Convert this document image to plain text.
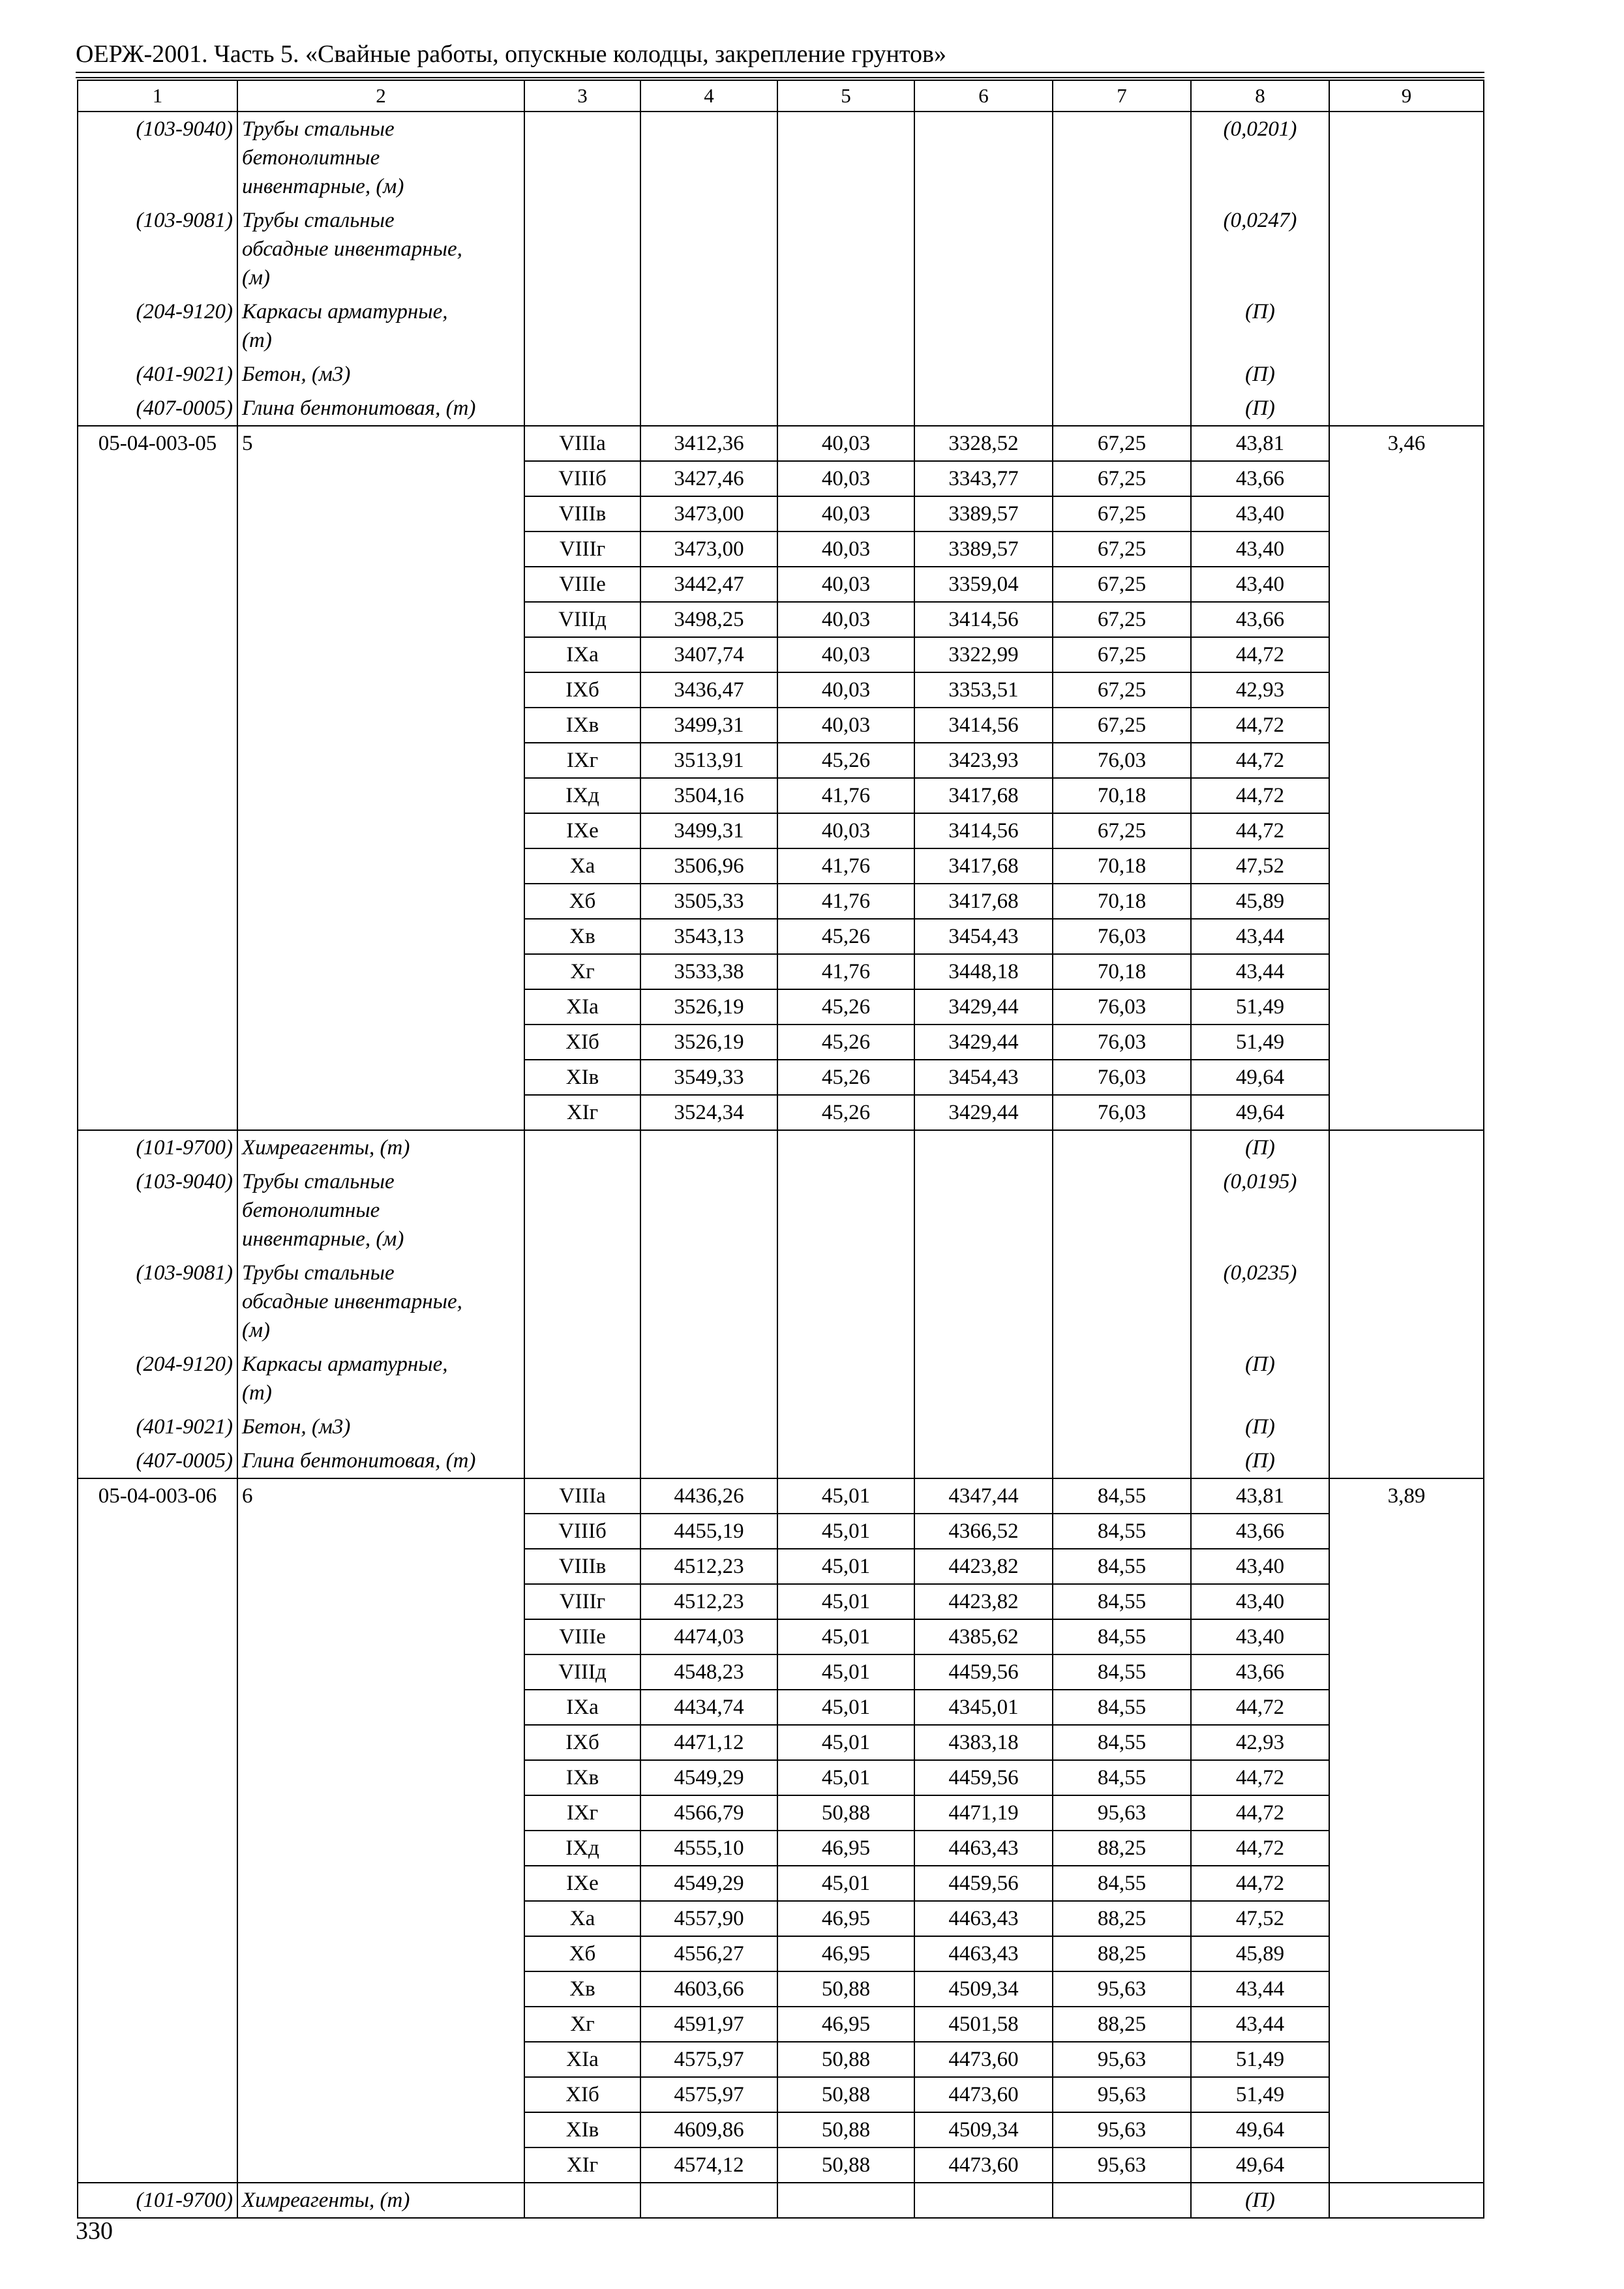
ОЕРЖ-2001. Часть 5. «Свайные работы, опускные колодцы, закрепление грунтов»
1	2	3	4	5	6	7	8	9
(103-9040)	Трубы стальные
бетонолитные
инвентарные, (м)						(0,0201)	
(103-9081)	Трубы стальные
обсадные инвентарные,
(м)						(0,0247)	
(204-9120)	Каркасы арматурные,
(т)						(П)	
(401-9021)	Бетон, (м3)						(П)	
(407-0005)	Глина бентонитовая, (т)						(П)	
05-04-003-05	5	VIIIа	3412,36	40,03	3328,52	67,25	43,81	3,46
		VIIIб	3427,46	40,03	3343,77	67,25	43,66	
		VIIIв	3473,00	40,03	3389,57	67,25	43,40	
		VIIIг	3473,00	40,03	3389,57	67,25	43,40	
		VIIIе	3442,47	40,03	3359,04	67,25	43,40	
		VIIIд	3498,25	40,03	3414,56	67,25	43,66	
		IXа	3407,74	40,03	3322,99	67,25	44,72	
		IXб	3436,47	40,03	3353,51	67,25	42,93	
		IXв	3499,31	40,03	3414,56	67,25	44,72	
		IXг	3513,91	45,26	3423,93	76,03	44,72	
		IXд	3504,16	41,76	3417,68	70,18	44,72	
		IXе	3499,31	40,03	3414,56	67,25	44,72	
		Xа	3506,96	41,76	3417,68	70,18	47,52	
		Xб	3505,33	41,76	3417,68	70,18	45,89	
		Xв	3543,13	45,26	3454,43	76,03	43,44	
		Xг	3533,38	41,76	3448,18	70,18	43,44	
		XIа	3526,19	45,26	3429,44	76,03	51,49	
		XIб	3526,19	45,26	3429,44	76,03	51,49	
		XIв	3549,33	45,26	3454,43	76,03	49,64	
		XIг	3524,34	45,26	3429,44	76,03	49,64	
(101-9700)	Химреагенты, (т)						(П)	
(103-9040)	Трубы стальные
бетонолитные
инвентарные, (м)						(0,0195)	
(103-9081)	Трубы стальные
обсадные инвентарные,
(м)						(0,0235)	
(204-9120)	Каркасы арматурные,
(т)						(П)	
(401-9021)	Бетон, (м3)						(П)	
(407-0005)	Глина бентонитовая, (т)						(П)	
05-04-003-06	6	VIIIа	4436,26	45,01	4347,44	84,55	43,81	3,89
		VIIIб	4455,19	45,01	4366,52	84,55	43,66	
		VIIIв	4512,23	45,01	4423,82	84,55	43,40	
		VIIIг	4512,23	45,01	4423,82	84,55	43,40	
		VIIIе	4474,03	45,01	4385,62	84,55	43,40	
		VIIIд	4548,23	45,01	4459,56	84,55	43,66	
		IXа	4434,74	45,01	4345,01	84,55	44,72	
		IXб	4471,12	45,01	4383,18	84,55	42,93	
		IXв	4549,29	45,01	4459,56	84,55	44,72	
		IXг	4566,79	50,88	4471,19	95,63	44,72	
		IXд	4555,10	46,95	4463,43	88,25	44,72	
		IXе	4549,29	45,01	4459,56	84,55	44,72	
		Xа	4557,90	46,95	4463,43	88,25	47,52	
		Xб	4556,27	46,95	4463,43	88,25	45,89	
		Xв	4603,66	50,88	4509,34	95,63	43,44	
		Xг	4591,97	46,95	4501,58	88,25	43,44	
		XIа	4575,97	50,88	4473,60	95,63	51,49	
		XIб	4575,97	50,88	4473,60	95,63	51,49	
		XIв	4609,86	50,88	4509,34	95,63	49,64	
		XIг	4574,12	50,88	4473,60	95,63	49,64	
(101-9700)	Химреагенты, (т)						(П)	
330
